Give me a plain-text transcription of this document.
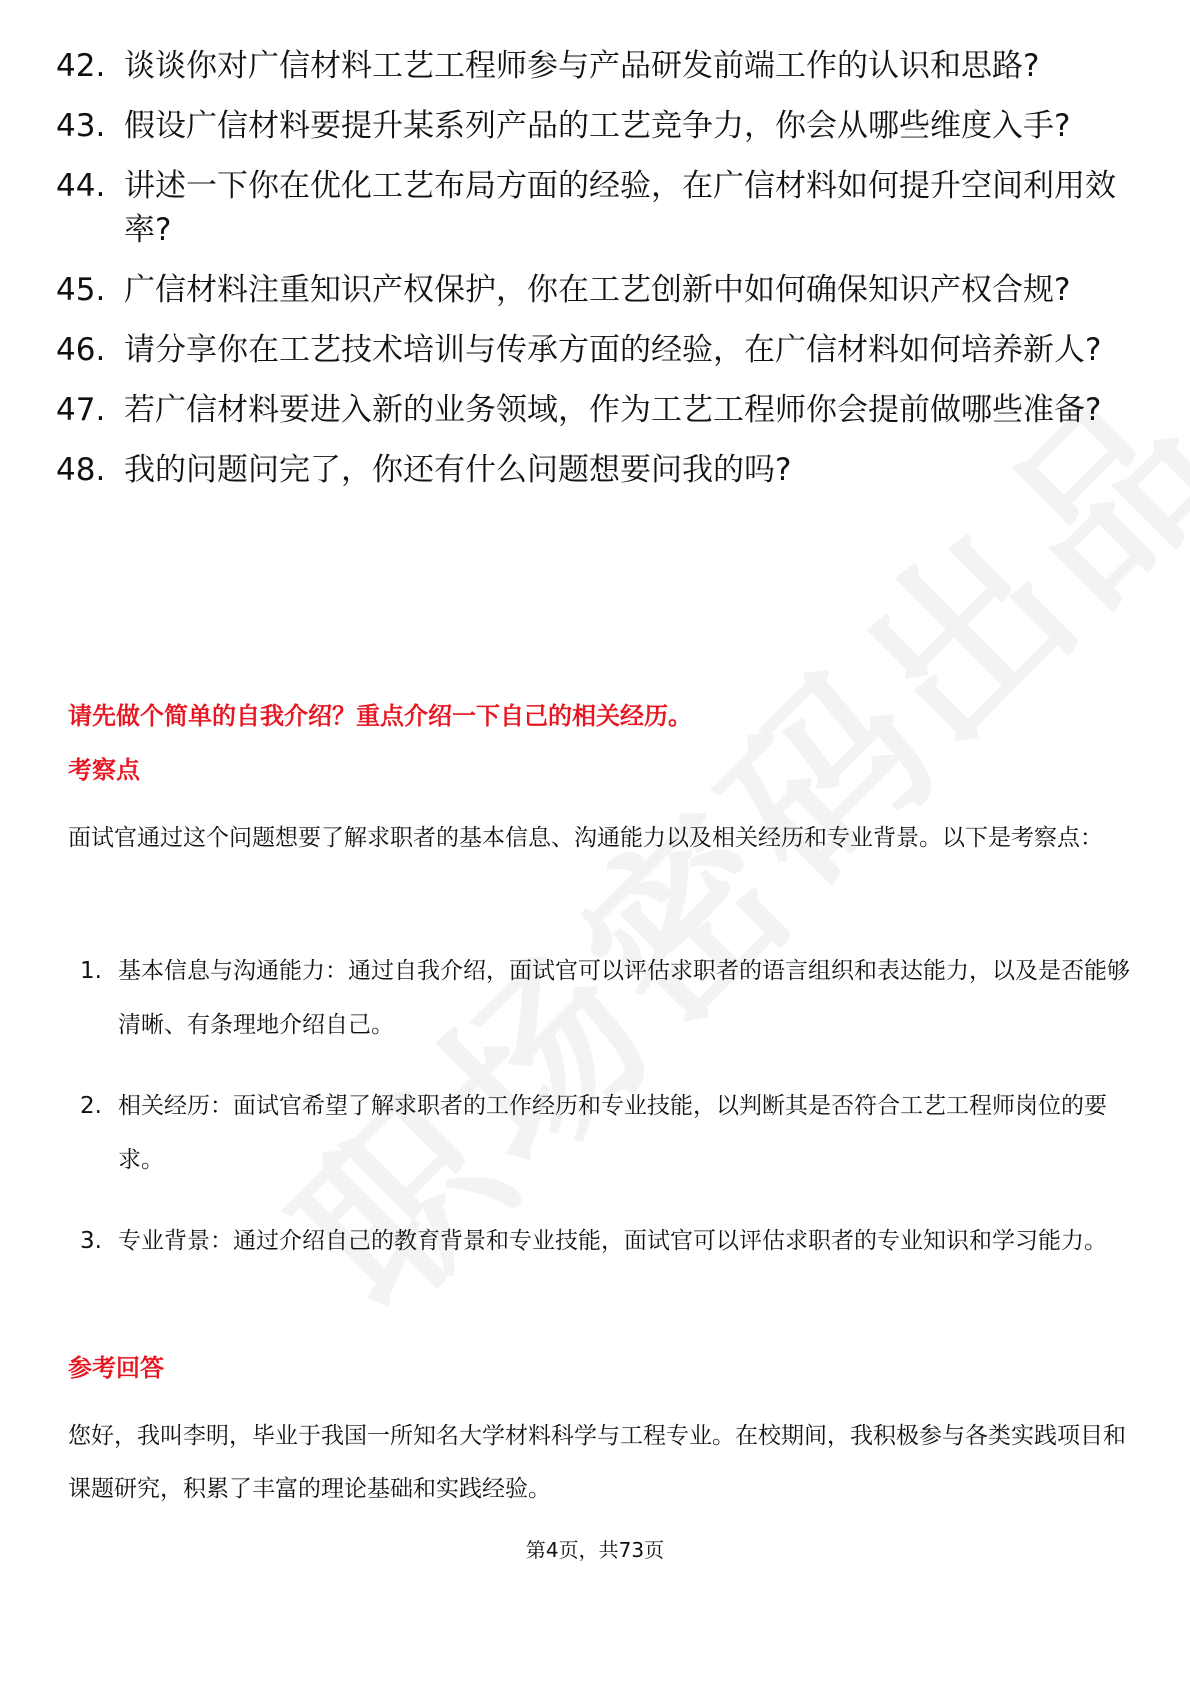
42. 谈谈你对广信材料工艺工程师参与产品研发前端工作的认识和思路?
43. 假设广信材料要提升某系列产品的工艺竞争力，你会从哪些维度入手?
44. 讲述一下你在优化工艺布局方面的经验，在广信材料如何提升空间利用效率?
45. 广信材料注重知识产权保护，你在工艺创新中如何确保知识产权合规?
46. 请分享你在工艺技术培训与传承方面的经验，在广信材料如何培养新人?
47. 若广信材料要进入新的业务领域，作为工艺工程师你会提前做哪些准备?
48. 我的问题问完了，你还有什么问题想要问我的吗?
请先做个简单的自我介绍？重点介绍一下自己的相关经历。
考察点
面试官通过这个问题想要了解求职者的基本信息、沟通能力以及相关经历和专业背景。以下是考察点：
1. 基本信息与沟通能力：通过自我介绍，面试官可以评估求职者的语言组织和表达能力，以及是否能够清晰、有条理地介绍自己。
2. 相关经历：面试官希望了解求职者的工作经历和专业技能，以判断其是否符合工艺工程师岗位的要求。
3. 专业背景：通过介绍自己的教育背景和专业技能，面试官可以评估求职者的专业知识和学习能力。
参考回答
您好，我叫李明，毕业于我国一所知名大学材料科学与工程专业。在校期间，我积极参与各类实践项目和课题研究，积累了丰富的理论基础和实践经验。
第4页，共73页
